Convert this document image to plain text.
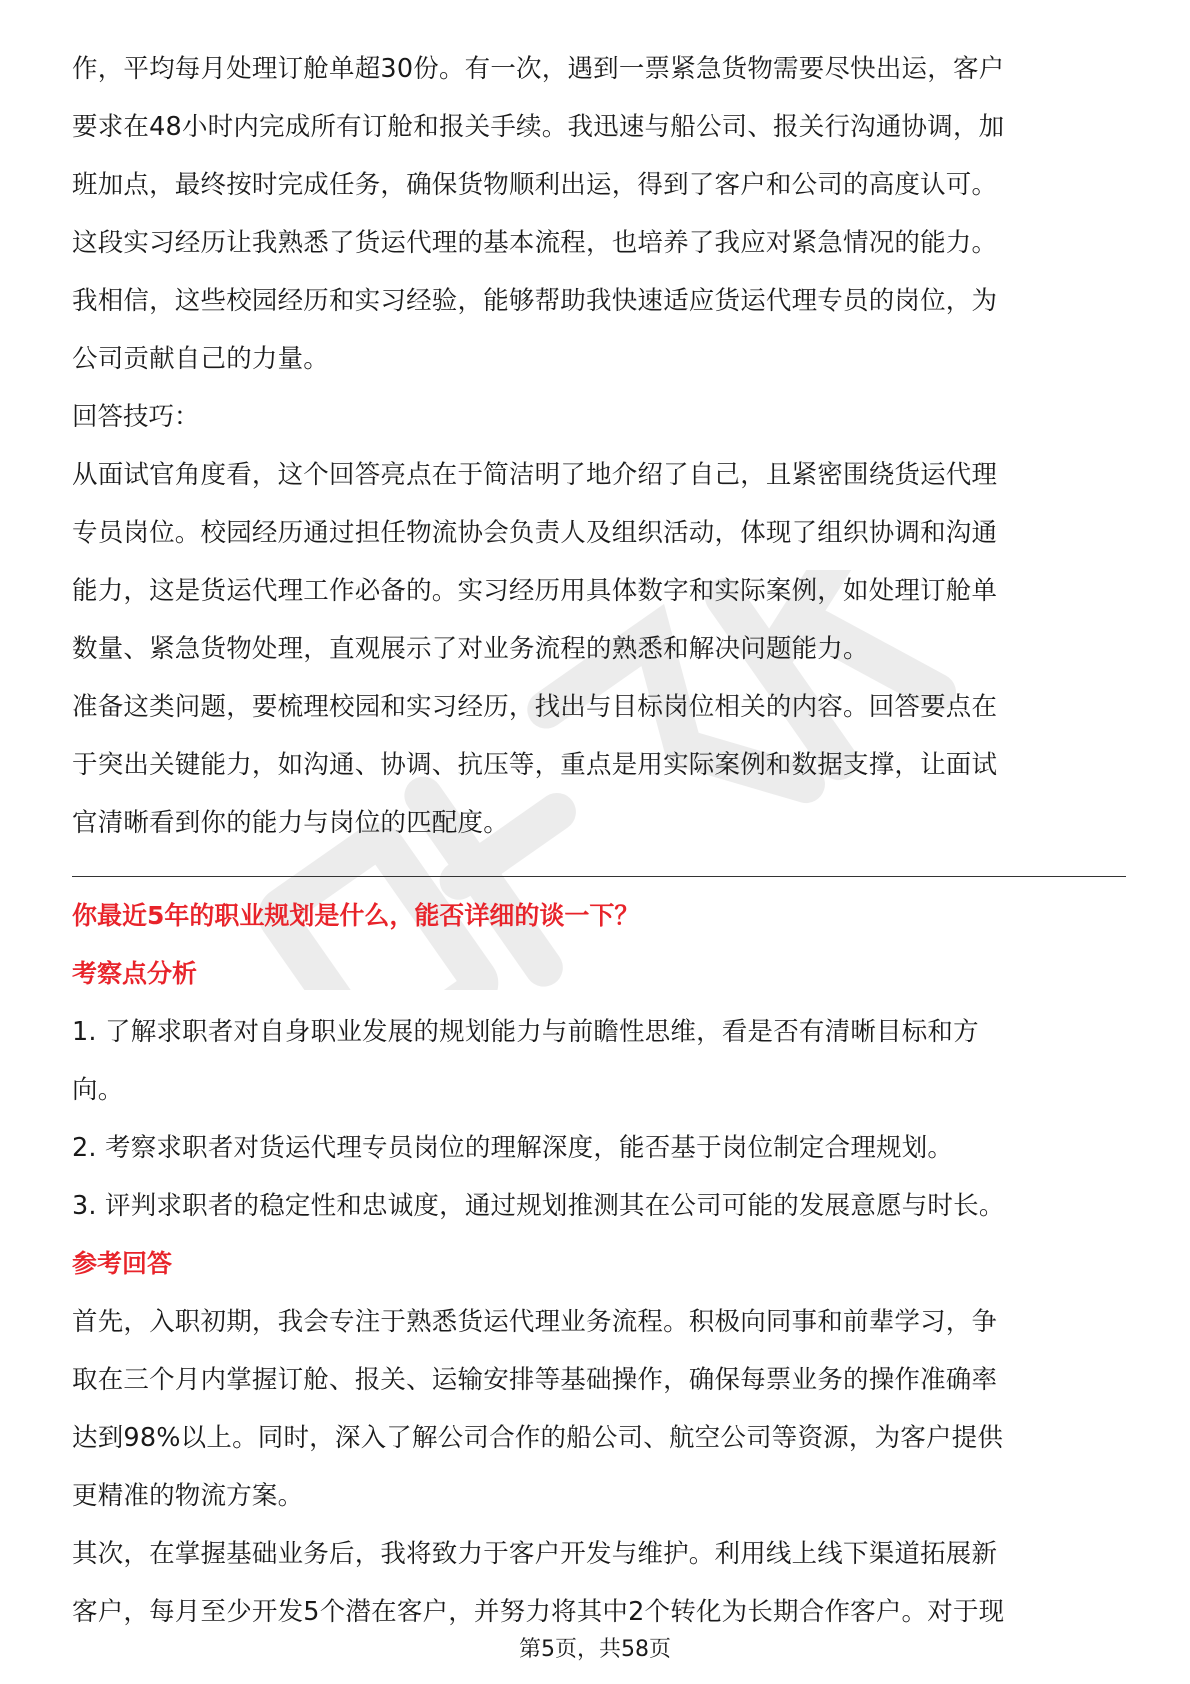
作，平均每月处理订舱单超30份。有一次，遇到一票紧急货物需要尽快出运，客户
要求在48小时内完成所有订舱和报关手续。我迅速与船公司、报关行沟通协调，加
班加点，最终按时完成任务，确保货物顺利出运，得到了客户和公司的高度认可。
这段实习经历让我熟悉了货运代理的基本流程，也培养了我应对紧急情况的能力。
我相信，这些校园经历和实习经验，能够帮助我快速适应货运代理专员的岗位，为
公司贡献自己的力量。
回答技巧：
从面试官角度看，这个回答亮点在于简洁明了地介绍了自己，且紧密围绕货运代理
专员岗位。校园经历通过担任物流协会负责人及组织活动，体现了组织协调和沟通
能力，这是货运代理工作必备的。实习经历用具体数字和实际案例，如处理订舱单
数量、紧急货物处理，直观展示了对业务流程的熟悉和解决问题能力。
准备这类问题，要梳理校园和实习经历，找出与目标岗位相关的内容。回答要点在
于突出关键能力，如沟通、协调、抗压等，重点是用实际案例和数据支撑，让面试
官清晰看到你的能力与岗位的匹配度。
你最近5年的职业规划是什么，能否详细的谈一下？
考察点分析
1. 了解求职者对自身职业发展的规划能力与前瞻性思维，看是否有清晰目标和方
向。
2. 考察求职者对货运代理专员岗位的理解深度，能否基于岗位制定合理规划。
3. 评判求职者的稳定性和忠诚度，通过规划推测其在公司可能的发展意愿与时长。
参考回答
首先，入职初期，我会专注于熟悉货运代理业务流程。积极向同事和前辈学习，争
取在三个月内掌握订舱、报关、运输安排等基础操作，确保每票业务的操作准确率
达到98%以上。同时，深入了解公司合作的船公司、航空公司等资源，为客户提供
更精准的物流方案。
其次，在掌握基础业务后，我将致力于客户开发与维护。利用线上线下渠道拓展新
客户，每月至少开发5个潜在客户，并努力将其中2个转化为长期合作客户。对于现
第5页，共58页
